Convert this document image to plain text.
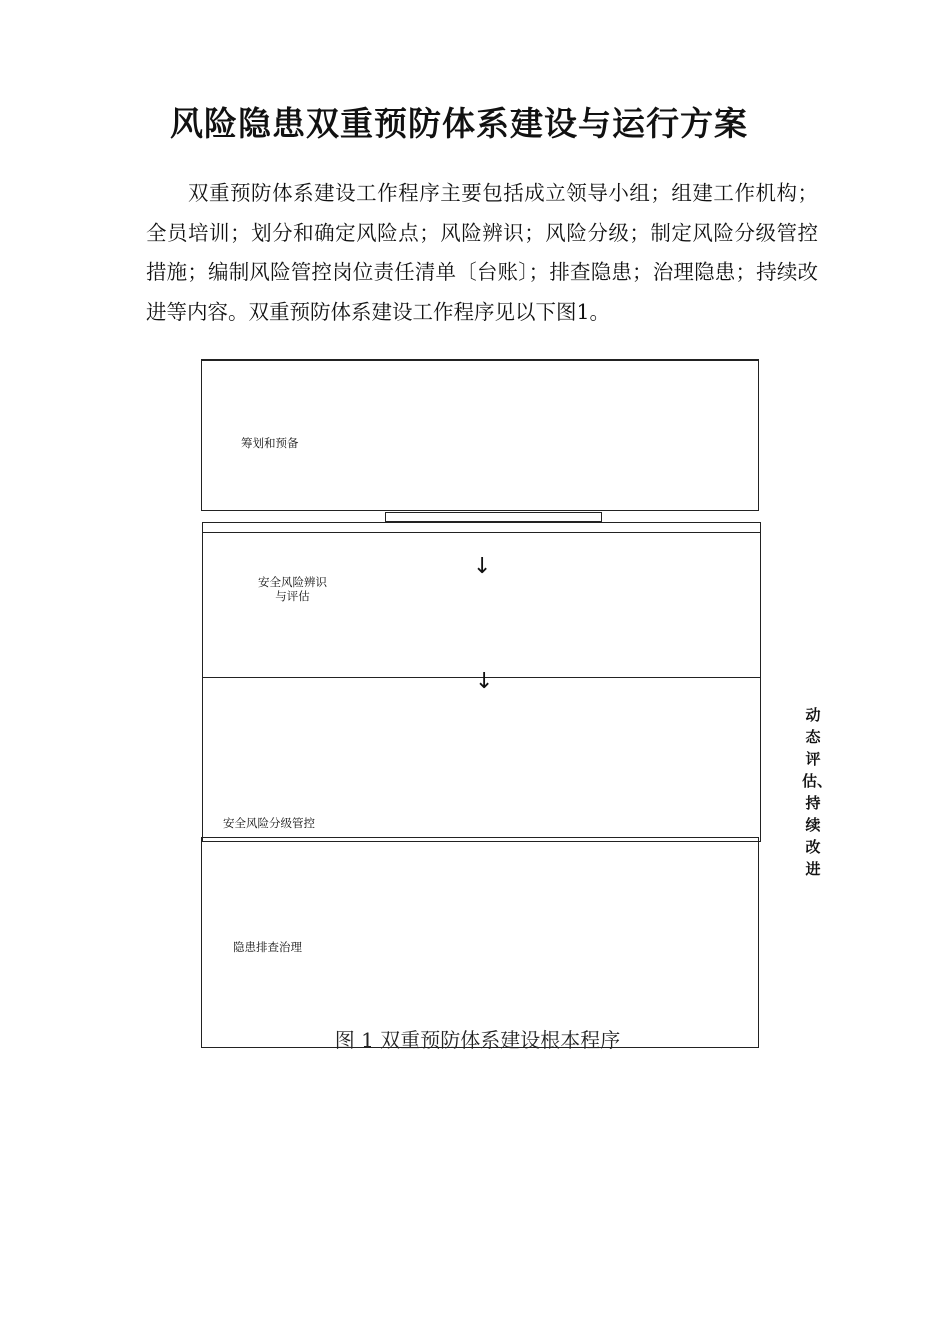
风险隐患双重预防体系建设与运行方案

双重预防体系建设工作程序主要包括成立领导小组；组建工作机构；全员培训；划分和确定风险点；风险辨识；风险分级；制定风险分级管控措施；编制风险管控岗位责任清单〔台账〕；排查隐患；治理隐患；持续改进等内容。双重预防体系建设工作程序见以下图1。

筹划和预备
安全风险辨识
与评估
↓
↓
安全风险分级管控
隐患排查治理
动态评估、持续改进
图 1 双重预防体系建设根本程序
